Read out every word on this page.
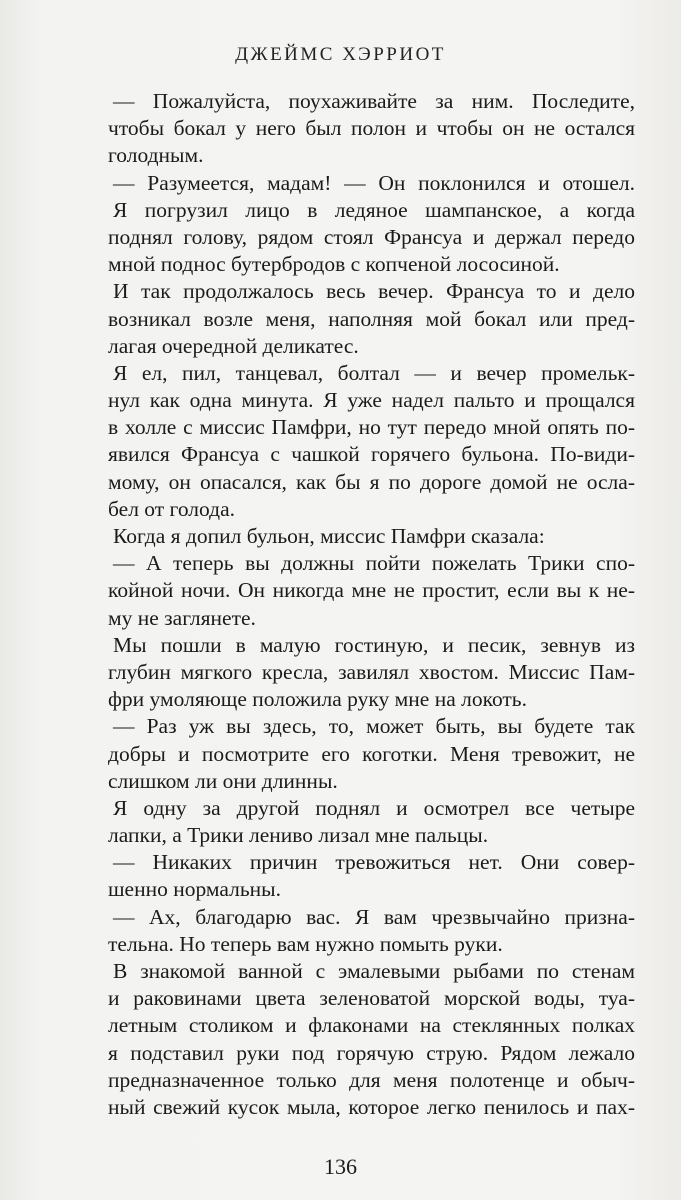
ДЖЕЙМС ХЭРРИОТ
— Пожалуйста, поухаживайте за ним. Последите,
чтобы бокал у него был полон и чтобы он не остался
голодным.
— Разумеется, мадам! — Он поклонился и отошел.
Я погрузил лицо в ледяное шампанское, а когда
поднял голову, рядом стоял Франсуа и держал передо
мной поднос бутербродов с копченой лососиной.
И так продолжалось весь вечер. Франсуа то и дело
возникал возле меня, наполняя мой бокал или пред-
лагая очередной деликатес.
Я ел, пил, танцевал, болтал — и вечер промельк-
нул как одна минута. Я уже надел пальто и прощался
в холле с миссис Памфри, но тут передо мной опять по-
явился Франсуа с чашкой горячего бульона. По-види-
мому, он опасался, как бы я по дороге домой не осла-
бел от голода.
Когда я допил бульон, миссис Памфри сказала:
— А теперь вы должны пойти пожелать Трики спо-
койной ночи. Он никогда мне не простит, если вы к не-
му не заглянете.
Мы пошли в малую гостиную, и песик, зевнув из
глубин мягкого кресла, завилял хвостом. Миссис Пам-
фри умоляюще положила руку мне на локоть.
— Раз уж вы здесь, то, может быть, вы будете так
добры и посмотрите его коготки. Меня тревожит, не
слишком ли они длинны.
Я одну за другой поднял и осмотрел все четыре
лапки, а Трики лениво лизал мне пальцы.
— Никаких причин тревожиться нет. Они совер-
шенно нормальны.
— Ах, благодарю вас. Я вам чрезвычайно призна-
тельна. Но теперь вам нужно помыть руки.
В знакомой ванной с эмалевыми рыбами по стенам
и раковинами цвета зеленоватой морской воды, туа-
летным столиком и флаконами на стеклянных полках
я подставил руки под горячую струю. Рядом лежало
предназначенное только для меня полотенце и обыч-
ный свежий кусок мыла, которое легко пенилось и пах-
136
